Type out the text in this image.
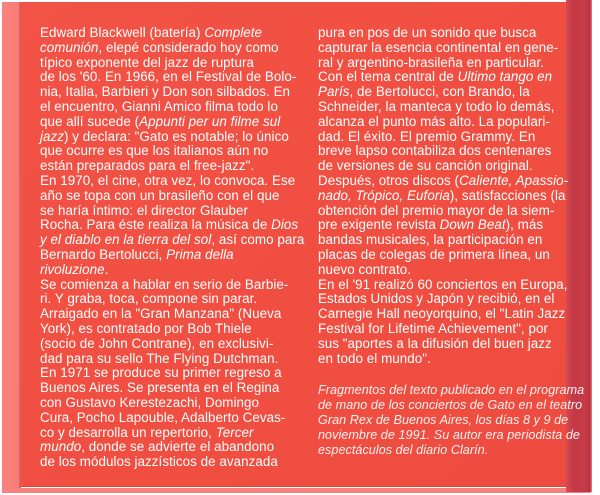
Edward Blackwell (batería) Complete
comunión, elepé considerado hoy como
típico exponente del jazz de ruptura
de los '60. En 1966, en el Festival de Bolo-
nia, Italia, Barbieri y Don son silbados. En
el encuentro, Gianni Amico filma todo lo
que allí sucede (Appunti per un filme sul
jazz) y declara: "Gato es notable; lo único
que ocurre es que los italianos aún no
están preparados para el free-jazz".
En 1970, el cine, otra vez, lo convoca. Ese
año se topa con un brasileño con el que
se haría íntimo: el director Glauber
Rocha. Para éste realiza la música de Dios
y el diablo en la tierra del sol, así como para
Bernardo Bertolucci, Prima della
rivoluzione.
Se comienza a hablar en serio de Barbie-
ri. Y graba, toca, compone sin parar.
Arraigado en la "Gran Manzana" (Nueva
York), es contratado por Bob Thiele
(socio de John Contrane), en exclusivi-
dad para su sello The Flying Dutchman.
En 1971 se produce su primer regreso a
Buenos Aires. Se presenta en el Regina
con Gustavo Kerestezachi, Domingo
Cura, Pocho Lapouble, Adalberto Cevas-
co y desarrolla un repertorio, Tercer
mundo, donde se advierte el abandono
de los módulos jazzísticos de avanzada
pura en pos de un sonido que busca
capturar la esencia continental en gene-
ral y argentino-brasileña en particular.
Con el tema central de Ultimo tango en
París, de Bertolucci, con Brando, la
Schneider, la manteca y todo lo demás,
alcanza el punto más alto. La populari-
dad. El éxito. El premio Grammy. En
breve lapso contabiliza dos centenares
de versiones de su canción original.
Después, otros discos (Caliente, Apassio-
nado, Trópico, Euforia), satisfacciones (la
obtención del premio mayor de la siem-
pre exigente revista Down Beat), más
bandas musicales, la participación en
placas de colegas de primera línea, un
nuevo contrato.
En el '91 realizó 60 conciertos en Europa,
Estados Unidos y Japón y recibió, en el
Carnegie Hall neoyorquino, el "Latin Jazz
Festival for Lifetime Achievement", por
sus "aportes a la difusión del buen jazz
en todo el mundo".
Fragmentos del texto publicado en el programa
de mano de los conciertos de Gato en el teatro
Gran Rex de Buenos Aires, los días 8 y 9 de
noviembre de 1991. Su autor era periodista de
espectáculos del diario Clarín.
